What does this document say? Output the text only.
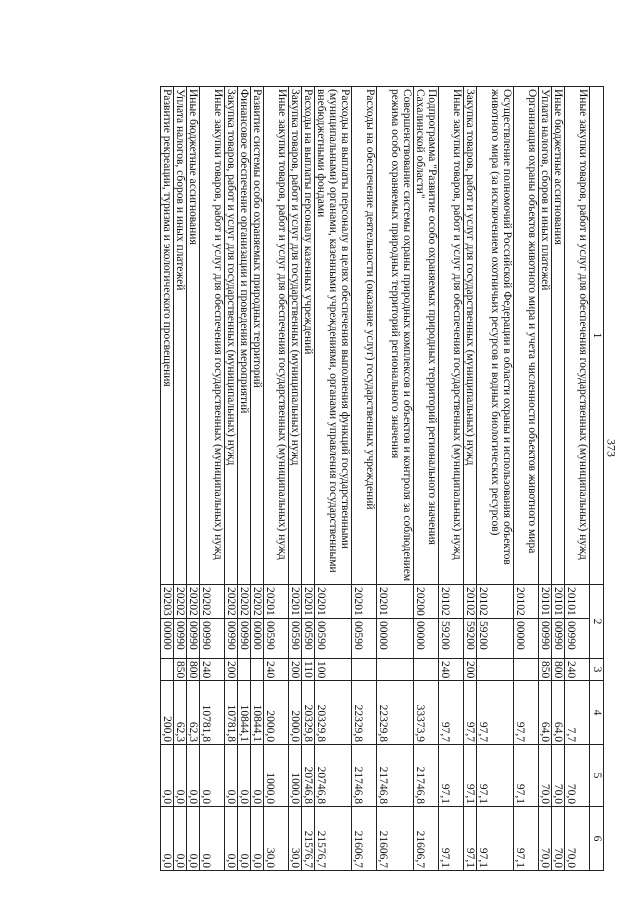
373
1	2		3	4	5	6
Иные закупки товаров, работ и услуг для обеспечения государственных (муниципальных) нужд	20101	00990	240	7,7	70,0	70,0
Иные бюджетные ассигнования	20101	00990	800	64,0	70,0	70,0
Уплата налогов, сборов и иных платежей	20101	00990	850	64,0	70,0	70,0
Организация охраны объектов животного мира и учета численности объектов животного мира	20102	00000		97,7	97,1	97,1
Осуществление полномочий Российской Федерации в области охраны и использования объектов животного мира (за исключением охотничьих ресурсов и водных биологических ресурсов)	20102	59200		97,7	97,1	97,1
Закупка товаров, работ и услуг для государственных (муниципальных) нужд	20102	59200	200	97,7	97,1	97,1
Иные закупки товаров, работ и услуг для обеспечения государственных (муниципальных) нужд	20102	59200	240	97,7	97,1	97,1
Подпрограмма "Развитие особо охраняемых природных территорий регионального значения Сахалинской области"	20200	00000		33373,9	21746,8	21606,7
Совершенствование системы охраны природных комплексов и объектов и контроля за соблюдением режима особо охраняемых природных территорий регионального значения	20201	00000		22329,8	21746,8	21606,7
Расходы на обеспечение деятельности (оказание услуг) государственных учреждений	20201	00590		22329,8	21746,8	21606,7
Расходы на выплаты персоналу в целях обеспечения выполнения функций государственными (муниципальными) органами, казенными учреждениями, органами управления государственными внебюджетными фондами	20201	00590	100	20329,8	20746,8	21576,7
Расходы на выплаты персоналу казенных учреждений	20201	00590	110	20329,8	20746,8	21576,7
Закупка товаров, работ и услуг для государственных (муниципальных) нужд	20201	00590	200	2000,0	1000,0	30,0
Иные закупки товаров, работ и услуг для обеспечения государственных (муниципальных) нужд	20201	00590	240	2000,0	1000,0	30,0
Развитие системы особо охраняемых природных территорий	20202	00000		10844,1	0,0	0,0
Финансовое обеспечение организации и проведения мероприятий	20202	00990		10844,1	0,0	0,0
Закупка товаров, работ и услуг для государственных (муниципальных) нужд	20202	00990	200	10781,8	0,0	0,0
Иные закупки товаров, работ и услуг для обеспечения государственных (муниципальных) нужд	20202	00990	240	10781,8	0,0	0,0
Иные бюджетные ассигнования	20202	00990	800	62,3	0,0	0,0
Уплата налогов, сборов и иных платежей	20202	00990	850	62,3	0,0	0,0
Развитие рекреации, туризма и экологического просвещения	20203	00000		200,0	0,0	0,0
